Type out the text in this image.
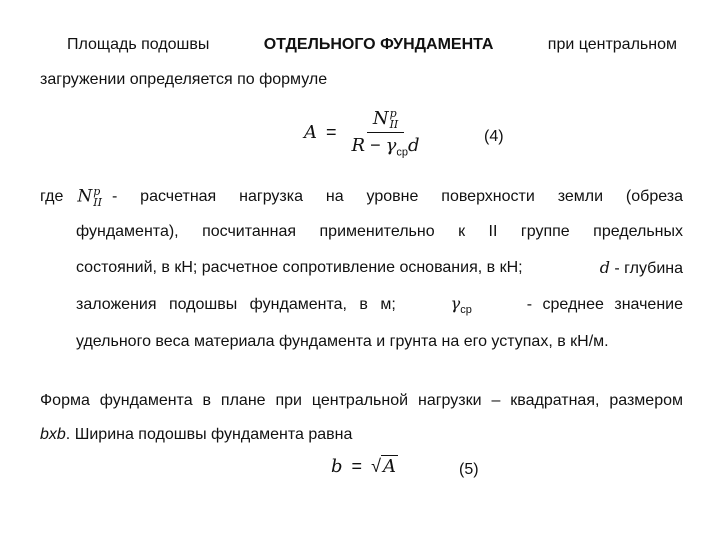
Площадь подошвы	ОТДЕЛЬНОГО ФУНДАМЕНТА	при центральном
загружении определяется по формуле
A = N p
II
$R - \gamma_{ср}d$	(4)
где N p
II - расчетная нагрузка на уровне поверхности земли (обреза
фундамента), посчитанная применительно к II группе предельных
состояний, в кН; расчетное сопротивление основания, в кН;	d - глубина
заложения подошвы фундамента, в м;	$\gamma_{ср}$	- среднее значение
удельного веса материала фундамента и грунта на его уступах, в кН/м.
Форма фундамента в плане при центральной нагрузки – квадратная, размером
bxb. Ширина подошвы фундамента равна
b = √ A	(5)
